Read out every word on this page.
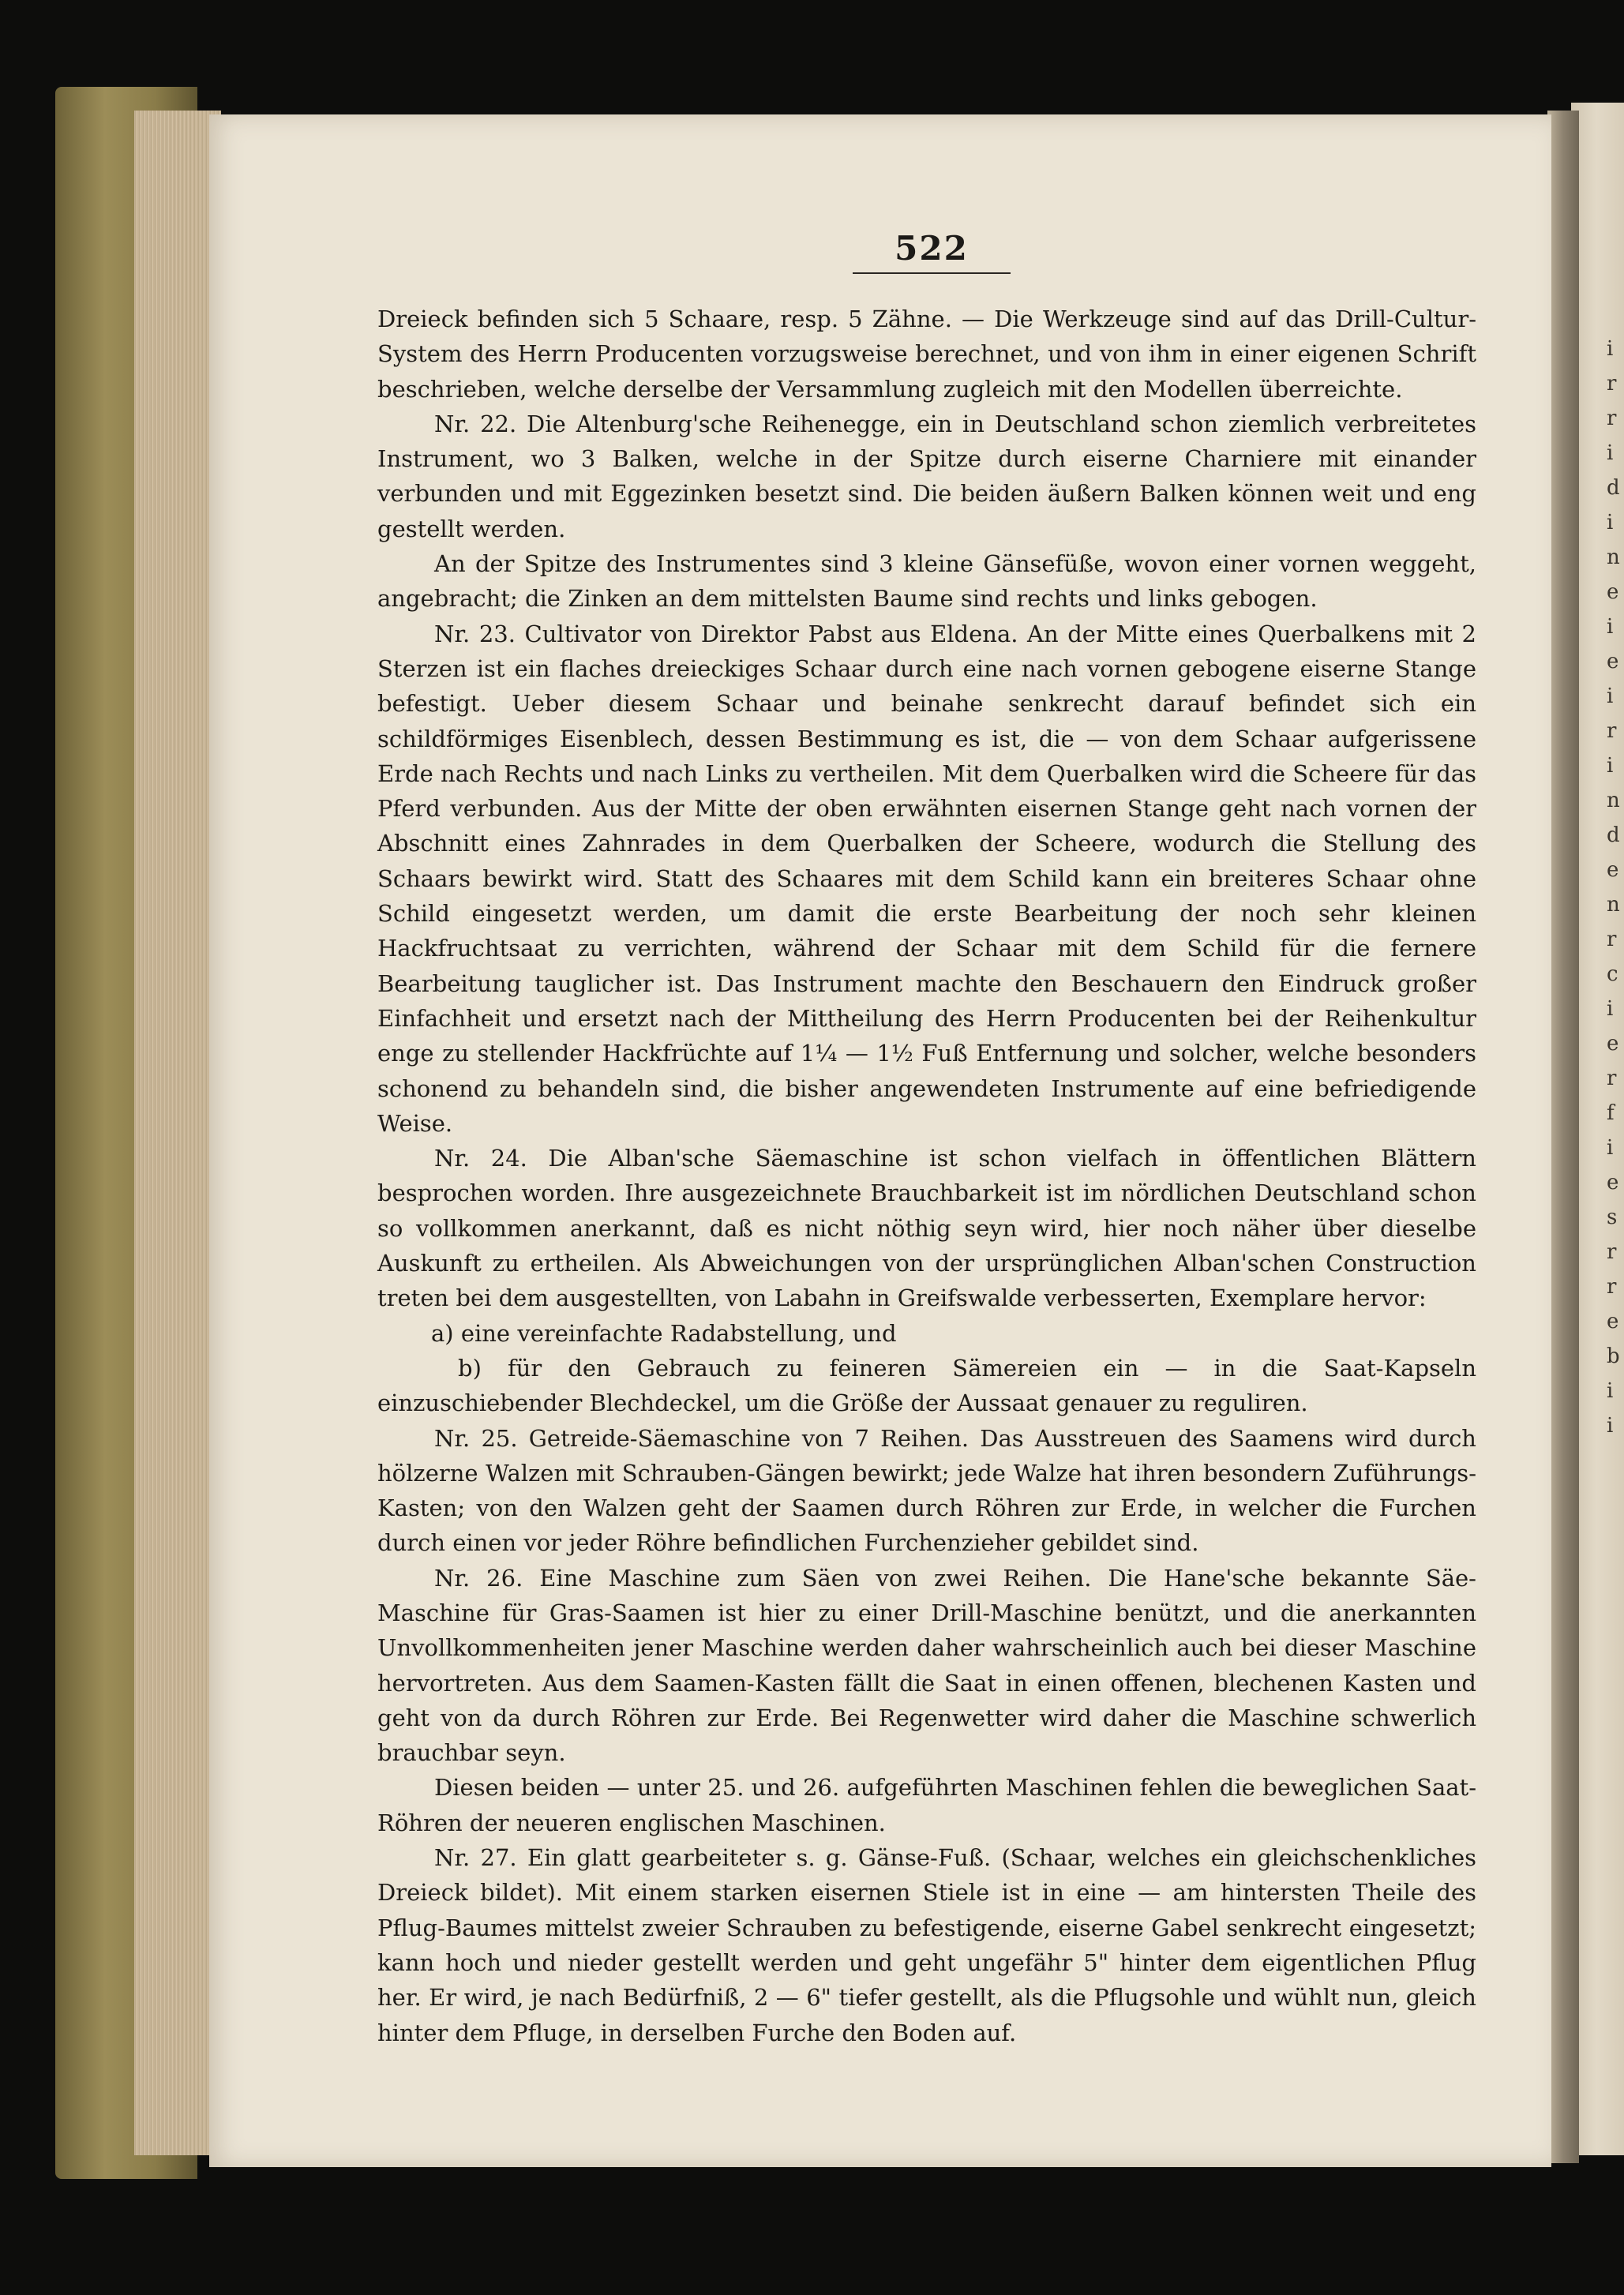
522

Dreieck befinden sich 5 Schaare, resp. 5 Zähne. — Die Werkzeuge sind auf das Drill-Cultur-System des Herrn Producenten vorzugsweise berechnet, und von ihm in einer eigenen Schrift beschrieben, welche derselbe der Versammlung zugleich mit den Modellen überreichte.

Nr. 22. Die Altenburg'sche Reihenegge, ein in Deutschland schon ziemlich verbreitetes Instrument, wo 3 Balken, welche in der Spitze durch eiserne Charniere mit einander verbunden und mit Eggezinken besetzt sind. Die beiden äußern Balken können weit und eng gestellt werden.

An der Spitze des Instrumentes sind 3 kleine Gänsefüße, wovon einer vornen weggeht, angebracht; die Zinken an dem mittelsten Baume sind rechts und links gebogen.

Nr. 23. Cultivator von Direktor Pabst aus Eldena. An der Mitte eines Querbalkens mit 2 Sterzen ist ein flaches dreieckiges Schaar durch eine nach vornen gebogene eiserne Stange befestigt. Ueber diesem Schaar und beinahe senkrecht darauf befindet sich ein schildförmiges Eisenblech, dessen Bestimmung es ist, die — von dem Schaar aufgerissene Erde nach Rechts und nach Links zu vertheilen. Mit dem Querbalken wird die Scheere für das Pferd verbunden. Aus der Mitte der oben erwähnten eisernen Stange geht nach vornen der Abschnitt eines Zahnrades in dem Querbalken der Scheere, wodurch die Stellung des Schaars bewirkt wird. Statt des Schaares mit dem Schild kann ein breiteres Schaar ohne Schild eingesetzt werden, um damit die erste Bearbeitung der noch sehr kleinen Hackfruchtsaat zu verrichten, während der Schaar mit dem Schild für die fernere Bearbeitung tauglicher ist. Das Instrument machte den Beschauern den Eindruck großer Einfachheit und ersetzt nach der Mittheilung des Herrn Producenten bei der Reihenkultur enge zu stellender Hackfrüchte auf 1¼ — 1½ Fuß Entfernung und solcher, welche besonders schonend zu behandeln sind, die bisher angewendeten Instrumente auf eine befriedigende Weise.

Nr. 24. Die Alban'sche Säemaschine ist schon vielfach in öffentlichen Blättern besprochen worden. Ihre ausgezeichnete Brauchbarkeit ist im nördlichen Deutschland schon so vollkommen anerkannt, daß es nicht nöthig seyn wird, hier noch näher über dieselbe Auskunft zu ertheilen. Als Abweichungen von der ursprünglichen Alban'schen Construction treten bei dem ausgestellten, von Labahn in Greifswalde verbesserten, Exemplare hervor:

a) eine vereinfachte Radabstellung, und

b) für den Gebrauch zu feineren Sämereien ein — in die Saat-Kapseln einzuschiebender Blechdeckel, um die Größe der Aussaat genauer zu reguliren.

Nr. 25. Getreide-Säemaschine von 7 Reihen. Das Ausstreuen des Saamens wird durch hölzerne Walzen mit Schrauben-Gängen bewirkt; jede Walze hat ihren besondern Zuführungs-Kasten; von den Walzen geht der Saamen durch Röhren zur Erde, in welcher die Furchen durch einen vor jeder Röhre befindlichen Furchenzieher gebildet sind.

Nr. 26. Eine Maschine zum Säen von zwei Reihen. Die Hane'sche bekannte Säe-Maschine für Gras-Saamen ist hier zu einer Drill-Maschine benützt, und die anerkannten Unvollkommenheiten jener Maschine werden daher wahrscheinlich auch bei dieser Maschine hervortreten. Aus dem Saamen-Kasten fällt die Saat in einen offenen, blechenen Kasten und geht von da durch Röhren zur Erde. Bei Regenwetter wird daher die Maschine schwerlich brauchbar seyn.

Diesen beiden — unter 25. und 26. aufgeführten Maschinen fehlen die beweglichen Saat-Röhren der neueren englischen Maschinen.

Nr. 27. Ein glatt gearbeiteter s. g. Gänse-Fuß. (Schaar, welches ein gleichschenkliches Dreieck bildet). Mit einem starken eisernen Stiele ist in eine — am hintersten Theile des Pflug-Baumes mittelst zweier Schrauben zu befestigende, eiserne Gabel senkrecht eingesetzt; kann hoch und nieder gestellt werden und geht ungefähr 5" hinter dem eigentlichen Pflug her. Er wird, je nach Bedürfniß, 2 — 6" tiefer gestellt, als die Pflugsohle und wühlt nun, gleich hinter dem Pfluge, in derselben Furche den Boden auf.

i
r
r
i
d
i
n
e
i
e
i
r
i
n
d
e
n
r
c
i
e
r
f
i
e
s
r
r
e
b
i
i
